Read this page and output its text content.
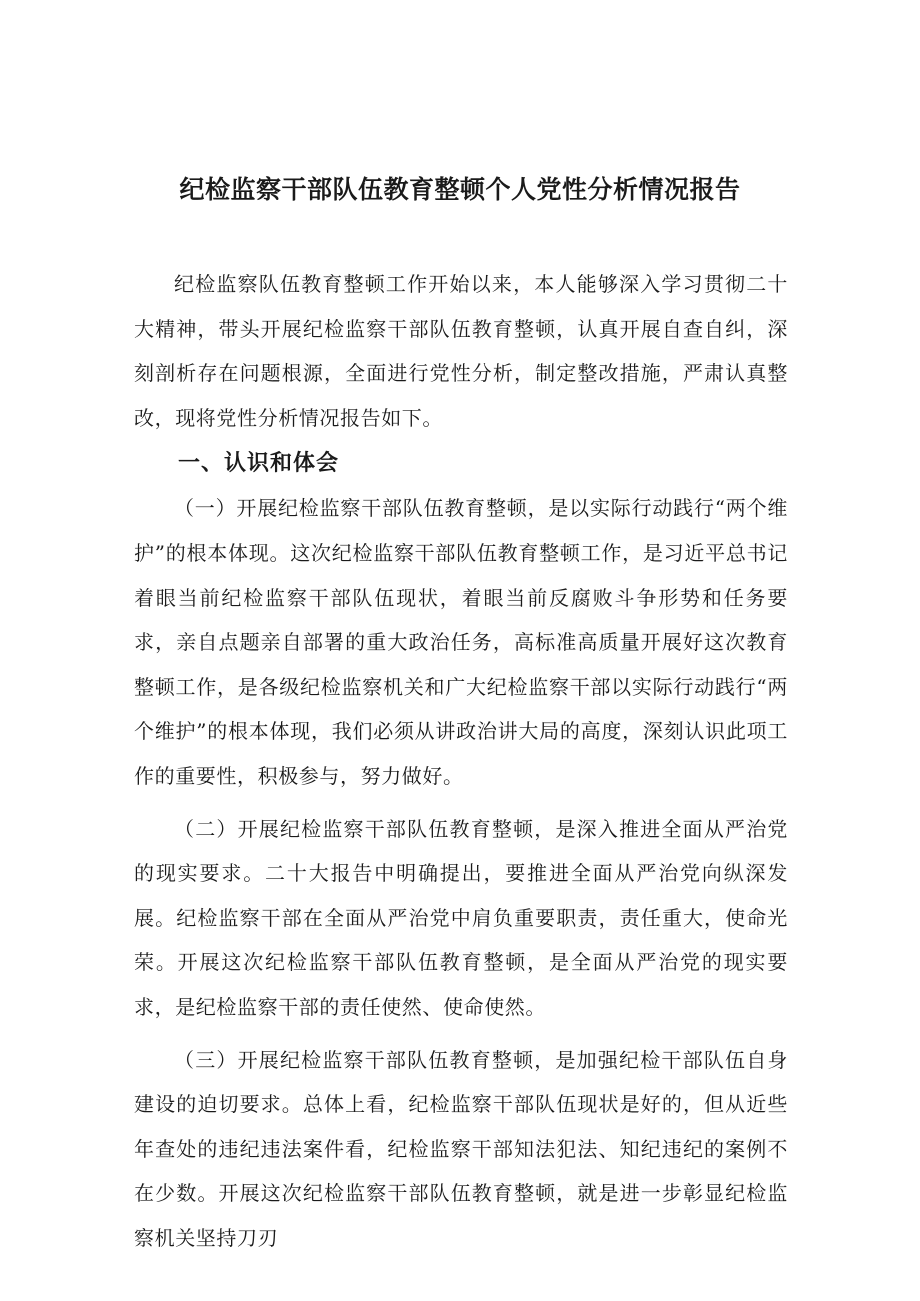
纪检监察干部队伍教育整顿个人党性分析情况报告

纪检监察队伍教育整顿工作开始以来，本人能够深入学习贯彻二十大精神，带头开展纪检监察干部队伍教育整顿，认真开展自查自纠，深刻剖析存在问题根源，全面进行党性分析，制定整改措施，严肃认真整改，现将党性分析情况报告如下。

一、认识和体会

（一）开展纪检监察干部队伍教育整顿，是以实际行动践行“两个维护”的根本体现。这次纪检监察干部队伍教育整顿工作，是习近平总书记着眼当前纪检监察干部队伍现状，着眼当前反腐败斗争形势和任务要求，亲自点题亲自部署的重大政治任务，高标准高质量开展好这次教育整顿工作，是各级纪检监察机关和广大纪检监察干部以实际行动践行“两个维护”的根本体现，我们必须从讲政治讲大局的高度，深刻认识此项工作的重要性，积极参与，努力做好。

（二）开展纪检监察干部队伍教育整顿，是深入推进全面从严治党的现实要求。二十大报告中明确提出，要推进全面从严治党向纵深发展。纪检监察干部在全面从严治党中肩负重要职责，责任重大，使命光荣。开展这次纪检监察干部队伍教育整顿，是全面从严治党的现实要求，是纪检监察干部的责任使然、使命使然。

（三）开展纪检监察干部队伍教育整顿，是加强纪检干部队伍自身建设的迫切要求。总体上看，纪检监察干部队伍现状是好的，但从近些年查处的违纪违法案件看，纪检监察干部知法犯法、知纪违纪的案例不在少数。开展这次纪检监察干部队伍教育整顿，就是进一步彰显纪检监察机关坚持刀刃
